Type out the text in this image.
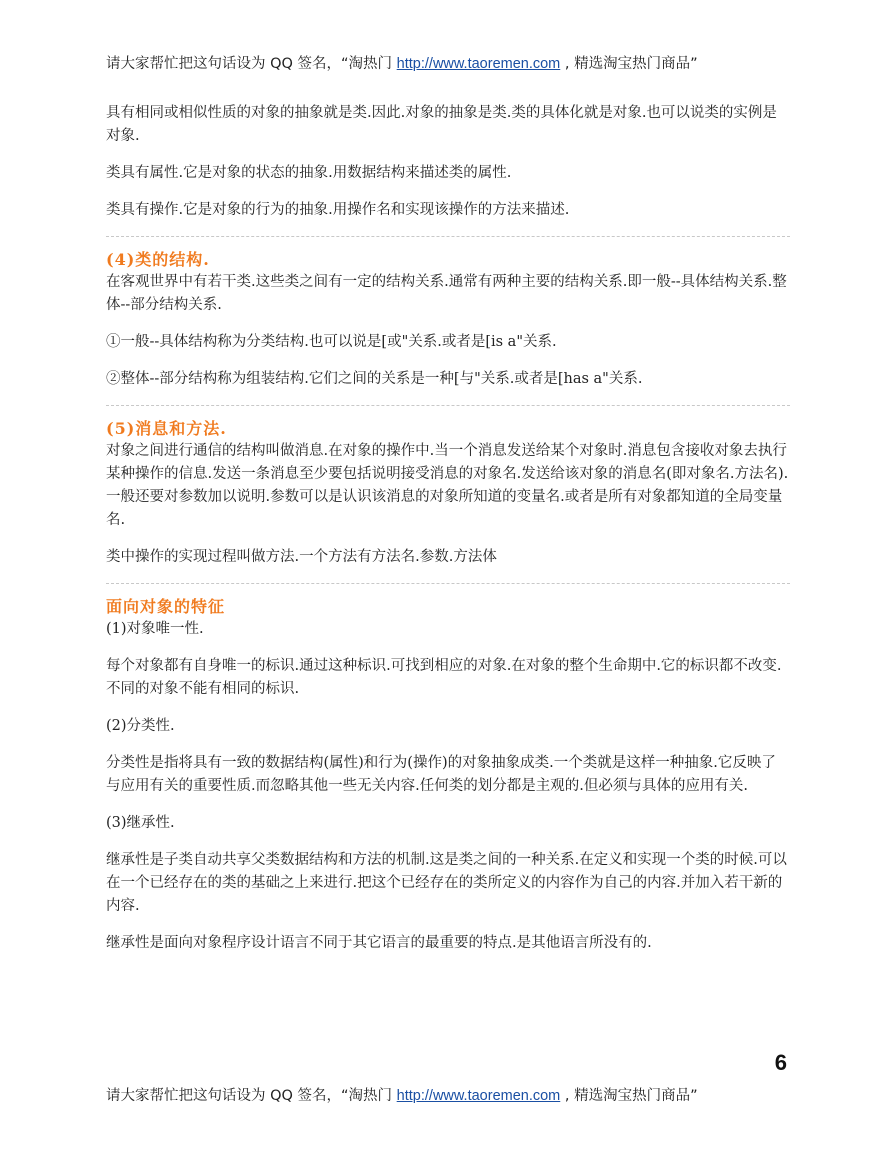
请大家帮忙把这句话设为 QQ 签名，“淘热门 http://www.taoremen.com , 精选淘宝热门商品”

具有相同或相似性质的对象的抽象就是类.因此.对象的抽象是类.类的具体化就是对象.也可以说类的实例是对象.

类具有属性.它是对象的状态的抽象.用数据结构来描述类的属性.

类具有操作.它是对象的行为的抽象.用操作名和实现该操作的方法来描述.

(4)类的结构.

在客观世界中有若干类.这些类之间有一定的结构关系.通常有两种主要的结构关系.即一般--具体结构关系.整体--部分结构关系.

①一般--具体结构称为分类结构.也可以说是[或"关系.或者是[is a"关系.

②整体--部分结构称为组装结构.它们之间的关系是一种[与"关系.或者是[has a"关系.

(5)消息和方法.

对象之间进行通信的结构叫做消息.在对象的操作中.当一个消息发送给某个对象时.消息包含接收对象去执行某种操作的信息.发送一条消息至少要包括说明接受消息的对象名.发送给该对象的消息名(即对象名.方法名).一般还要对参数加以说明.参数可以是认识该消息的对象所知道的变量名.或者是所有对象都知道的全局变量名.

类中操作的实现过程叫做方法.一个方法有方法名.参数.方法体

面向对象的特征

(1)对象唯一性.

每个对象都有自身唯一的标识.通过这种标识.可找到相应的对象.在对象的整个生命期中.它的标识都不改变.不同的对象不能有相同的标识.

(2)分类性.

分类性是指将具有一致的数据结构(属性)和行为(操作)的对象抽象成类.一个类就是这样一种抽象.它反映了与应用有关的重要性质.而忽略其他一些无关内容.任何类的划分都是主观的.但必须与具体的应用有关.

(3)继承性.

继承性是子类自动共享父类数据结构和方法的机制.这是类之间的一种关系.在定义和实现一个类的时候.可以在一个已经存在的类的基础之上来进行.把这个已经存在的类所定义的内容作为自己的内容.并加入若干新的内容.

继承性是面向对象程序设计语言不同于其它语言的最重要的特点.是其他语言所没有的.

6
请大家帮忙把这句话设为 QQ 签名，“淘热门 http://www.taoremen.com , 精选淘宝热门商品”
